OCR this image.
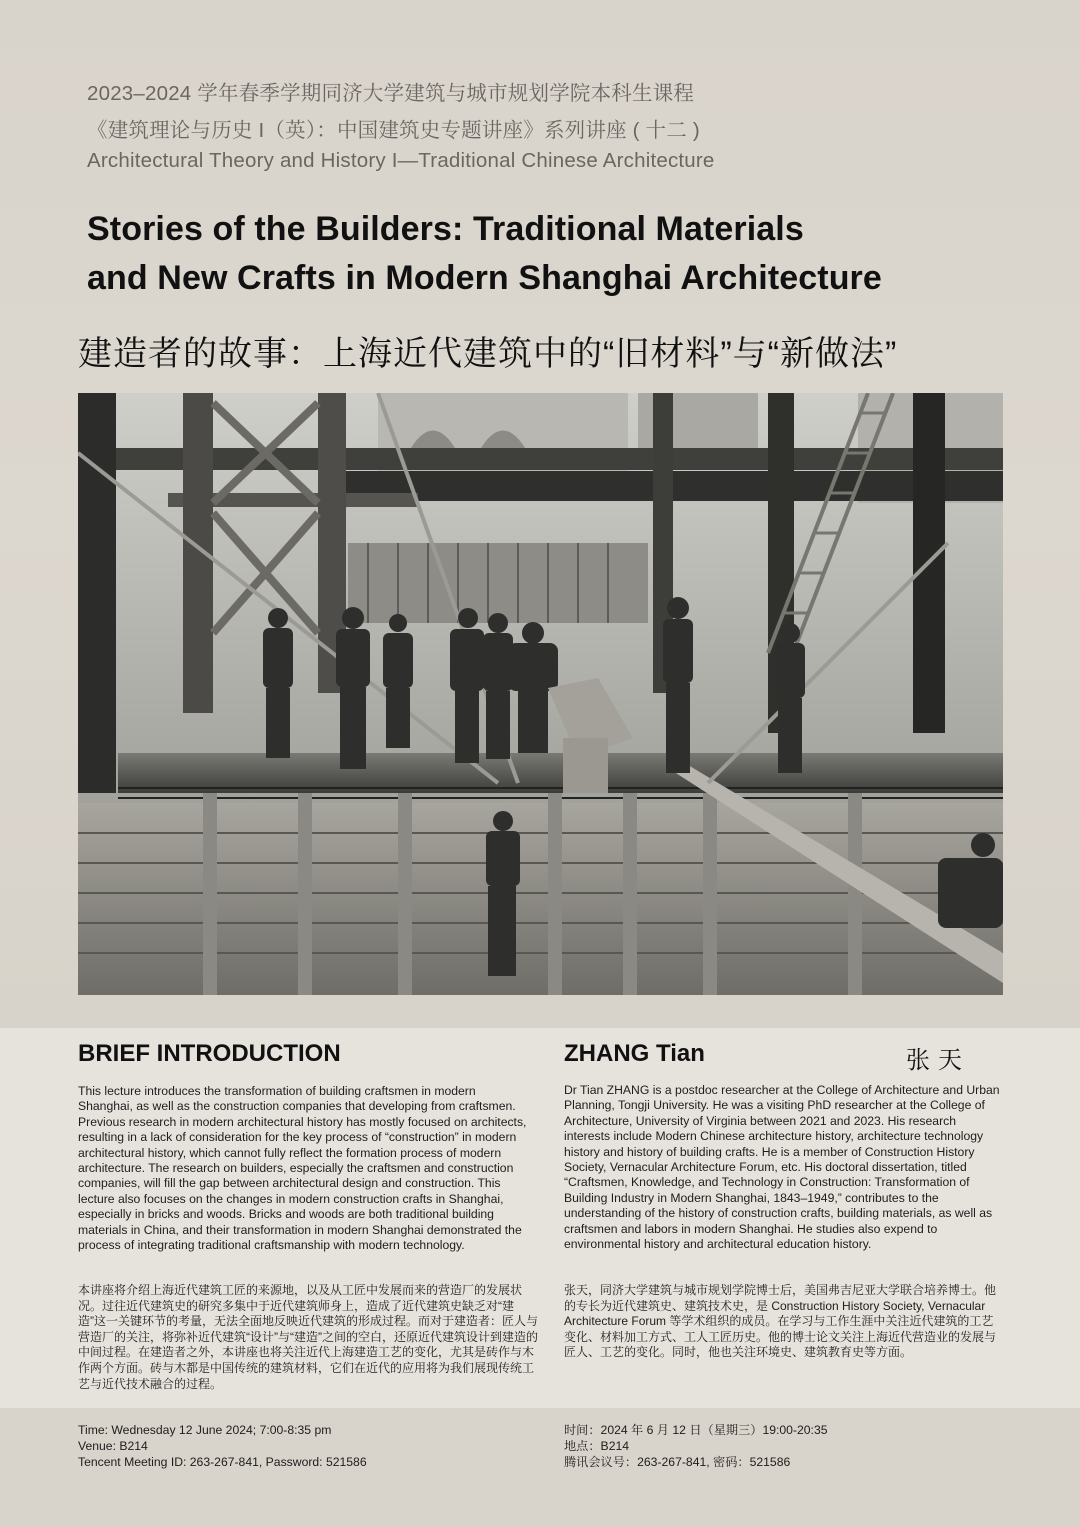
2023–2024 学年春季学期同济大学建筑与城市规划学院本科生课程
《建筑理论与历史 I（英）：中国建筑史专题讲座》系列讲座 ( 十二 )
Architectural Theory and History I—Traditional Chinese Architecture
Stories of the Builders: Traditional Materials
and New Crafts in Modern Shanghai Architecture
建造者的故事：上海近代建筑中的“旧材料”与“新做法”
BRIEF INTRODUCTION	ZHANG Tian	张天
This lecture introduces the transformation of building craftsmen in modern Shanghai, as well as the construction companies that developing from craftsmen. Previous research in modern architectural history has mostly focused on architects, resulting in a lack of consideration for the key process of “construction” in modern architectural history, which cannot fully reflect the formation process of modern architecture. The research on builders, especially the craftsmen and construction companies, will fill the gap between architectural design and construction. This lecture also focuses on the changes in modern construction crafts in Shanghai, especially in bricks and woods. Bricks and woods are both traditional building materials in China, and their transformation in modern Shanghai demonstrated the process of integrating traditional craftsmanship with modern technology.
本讲座将介绍上海近代建筑工匠的来源地，以及从工匠中发展而来的营造厂的发展状况。过往近代建筑史的研究多集中于近代建筑师身上，造成了近代建筑史缺乏对“建造”这一关键环节的考量，无法全面地反映近代建筑的形成过程。而对于建造者：匠人与营造厂的关注，将弥补近代建筑“设计”与“建造”之间的空白，还原近代建筑设计到建造的中间过程。在建造者之外，本讲座也将关注近代上海建造工艺的变化，尤其是砖作与木作两个方面。砖与木都是中国传统的建筑材料，它们在近代的应用将为我们展现传统工艺与近代技术融合的过程。
Dr Tian ZHANG is a postdoc researcher at the College of Architecture and Urban Planning, Tongji University. He was a visiting PhD researcher at the College of Architecture, University of Virginia between 2021 and 2023. His research interests include Modern Chinese architecture history, architecture technology history and history of building crafts. He is a member of Construction History Society, Vernacular Architecture Forum, etc. His doctoral dissertation, titled “Craftsmen, Knowledge, and Technology in Construction: Transformation of Building Industry in Modern Shanghai, 1843–1949,” contributes to the understanding of the history of construction crafts, building materials, as well as craftsmen and labors in modern Shanghai. He studies also expend to environmental history and architectural education history.
张天，同济大学建筑与城市规划学院博士后，美国弗吉尼亚大学联合培养博士。他的专长为近代建筑史、建筑技术史，是 Construction History Society, Vernacular Architecture Forum 等学术组织的成员。在学习与工作生涯中关注近代建筑的工艺变化、材料加工方式、工人工匠历史。他的博士论文关注上海近代营造业的发展与匠人、工艺的变化。同时，他也关注环境史、建筑教育史等方面。
Time: Wednesday 12 June 2024; 7:00-8:35 pm
Venue: B214
Tencent Meeting ID: 263-267-841, Password: 521586
时间：2024 年 6 月 12 日（星期三）19:00-20:35
地点：B214
腾讯会议号：263-267-841, 密码：521586
